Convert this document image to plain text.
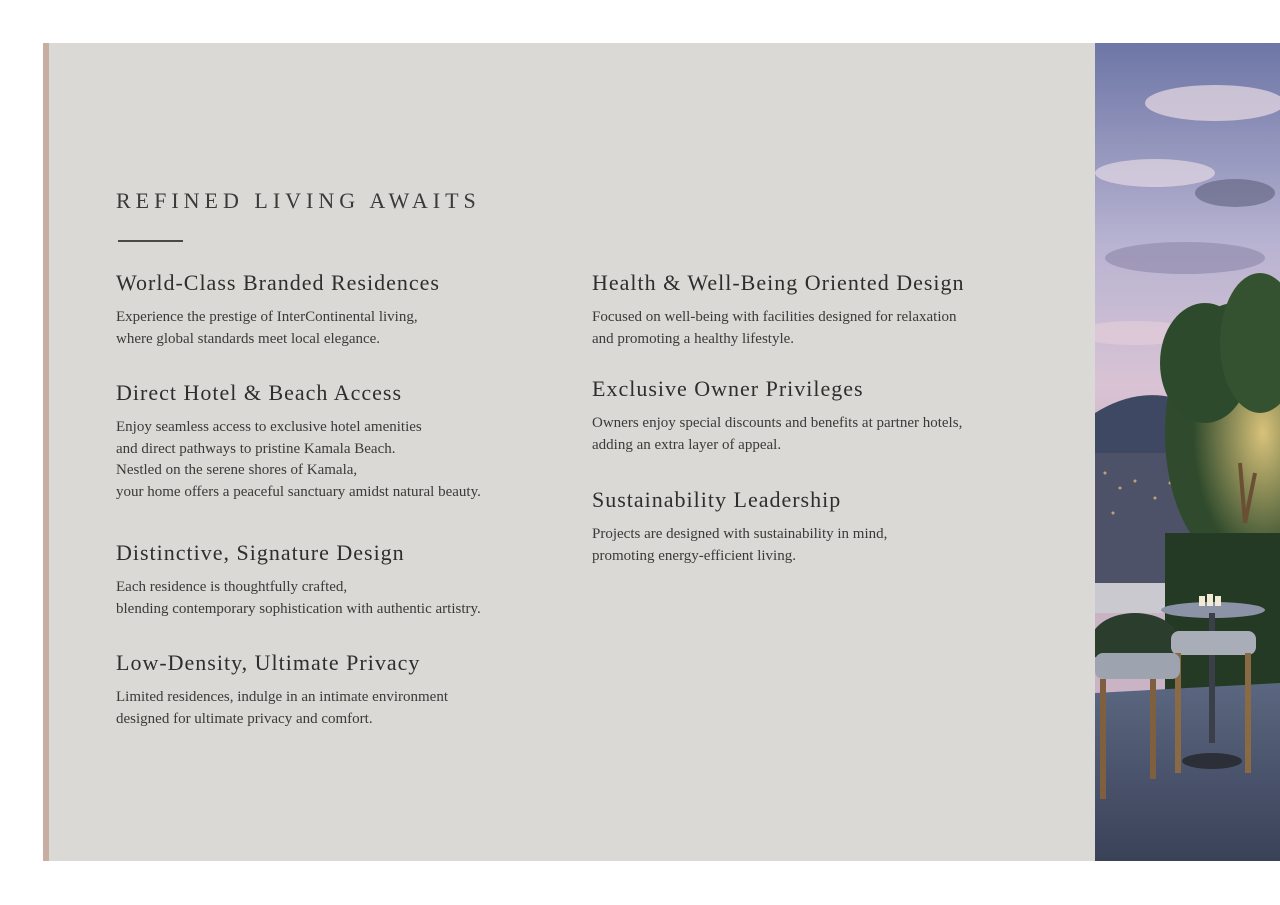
REFINED LIVING AWAITS
World-Class Branded Residences
Experience the prestige of InterContinental living,
where global standards meet local elegance.
Direct Hotel & Beach Access
Enjoy seamless access to exclusive hotel amenities
and direct pathways to pristine Kamala Beach.
Nestled on the serene shores of Kamala,
your home offers a peaceful sanctuary amidst natural beauty.
Distinctive, Signature Design
Each residence is thoughtfully crafted,
blending contemporary sophistication with authentic artistry.
Low-Density, Ultimate Privacy
Limited residences, indulge in an intimate environment
designed for ultimate privacy and comfort.
Health & Well-Being Oriented Design
Focused on well-being with facilities designed for relaxation
and promoting a healthy lifestyle.
Exclusive Owner Privileges
Owners enjoy special discounts and benefits at partner hotels,
adding an extra layer of appeal.
Sustainability Leadership
Projects are designed with sustainability in mind,
promoting energy-efficient living.
